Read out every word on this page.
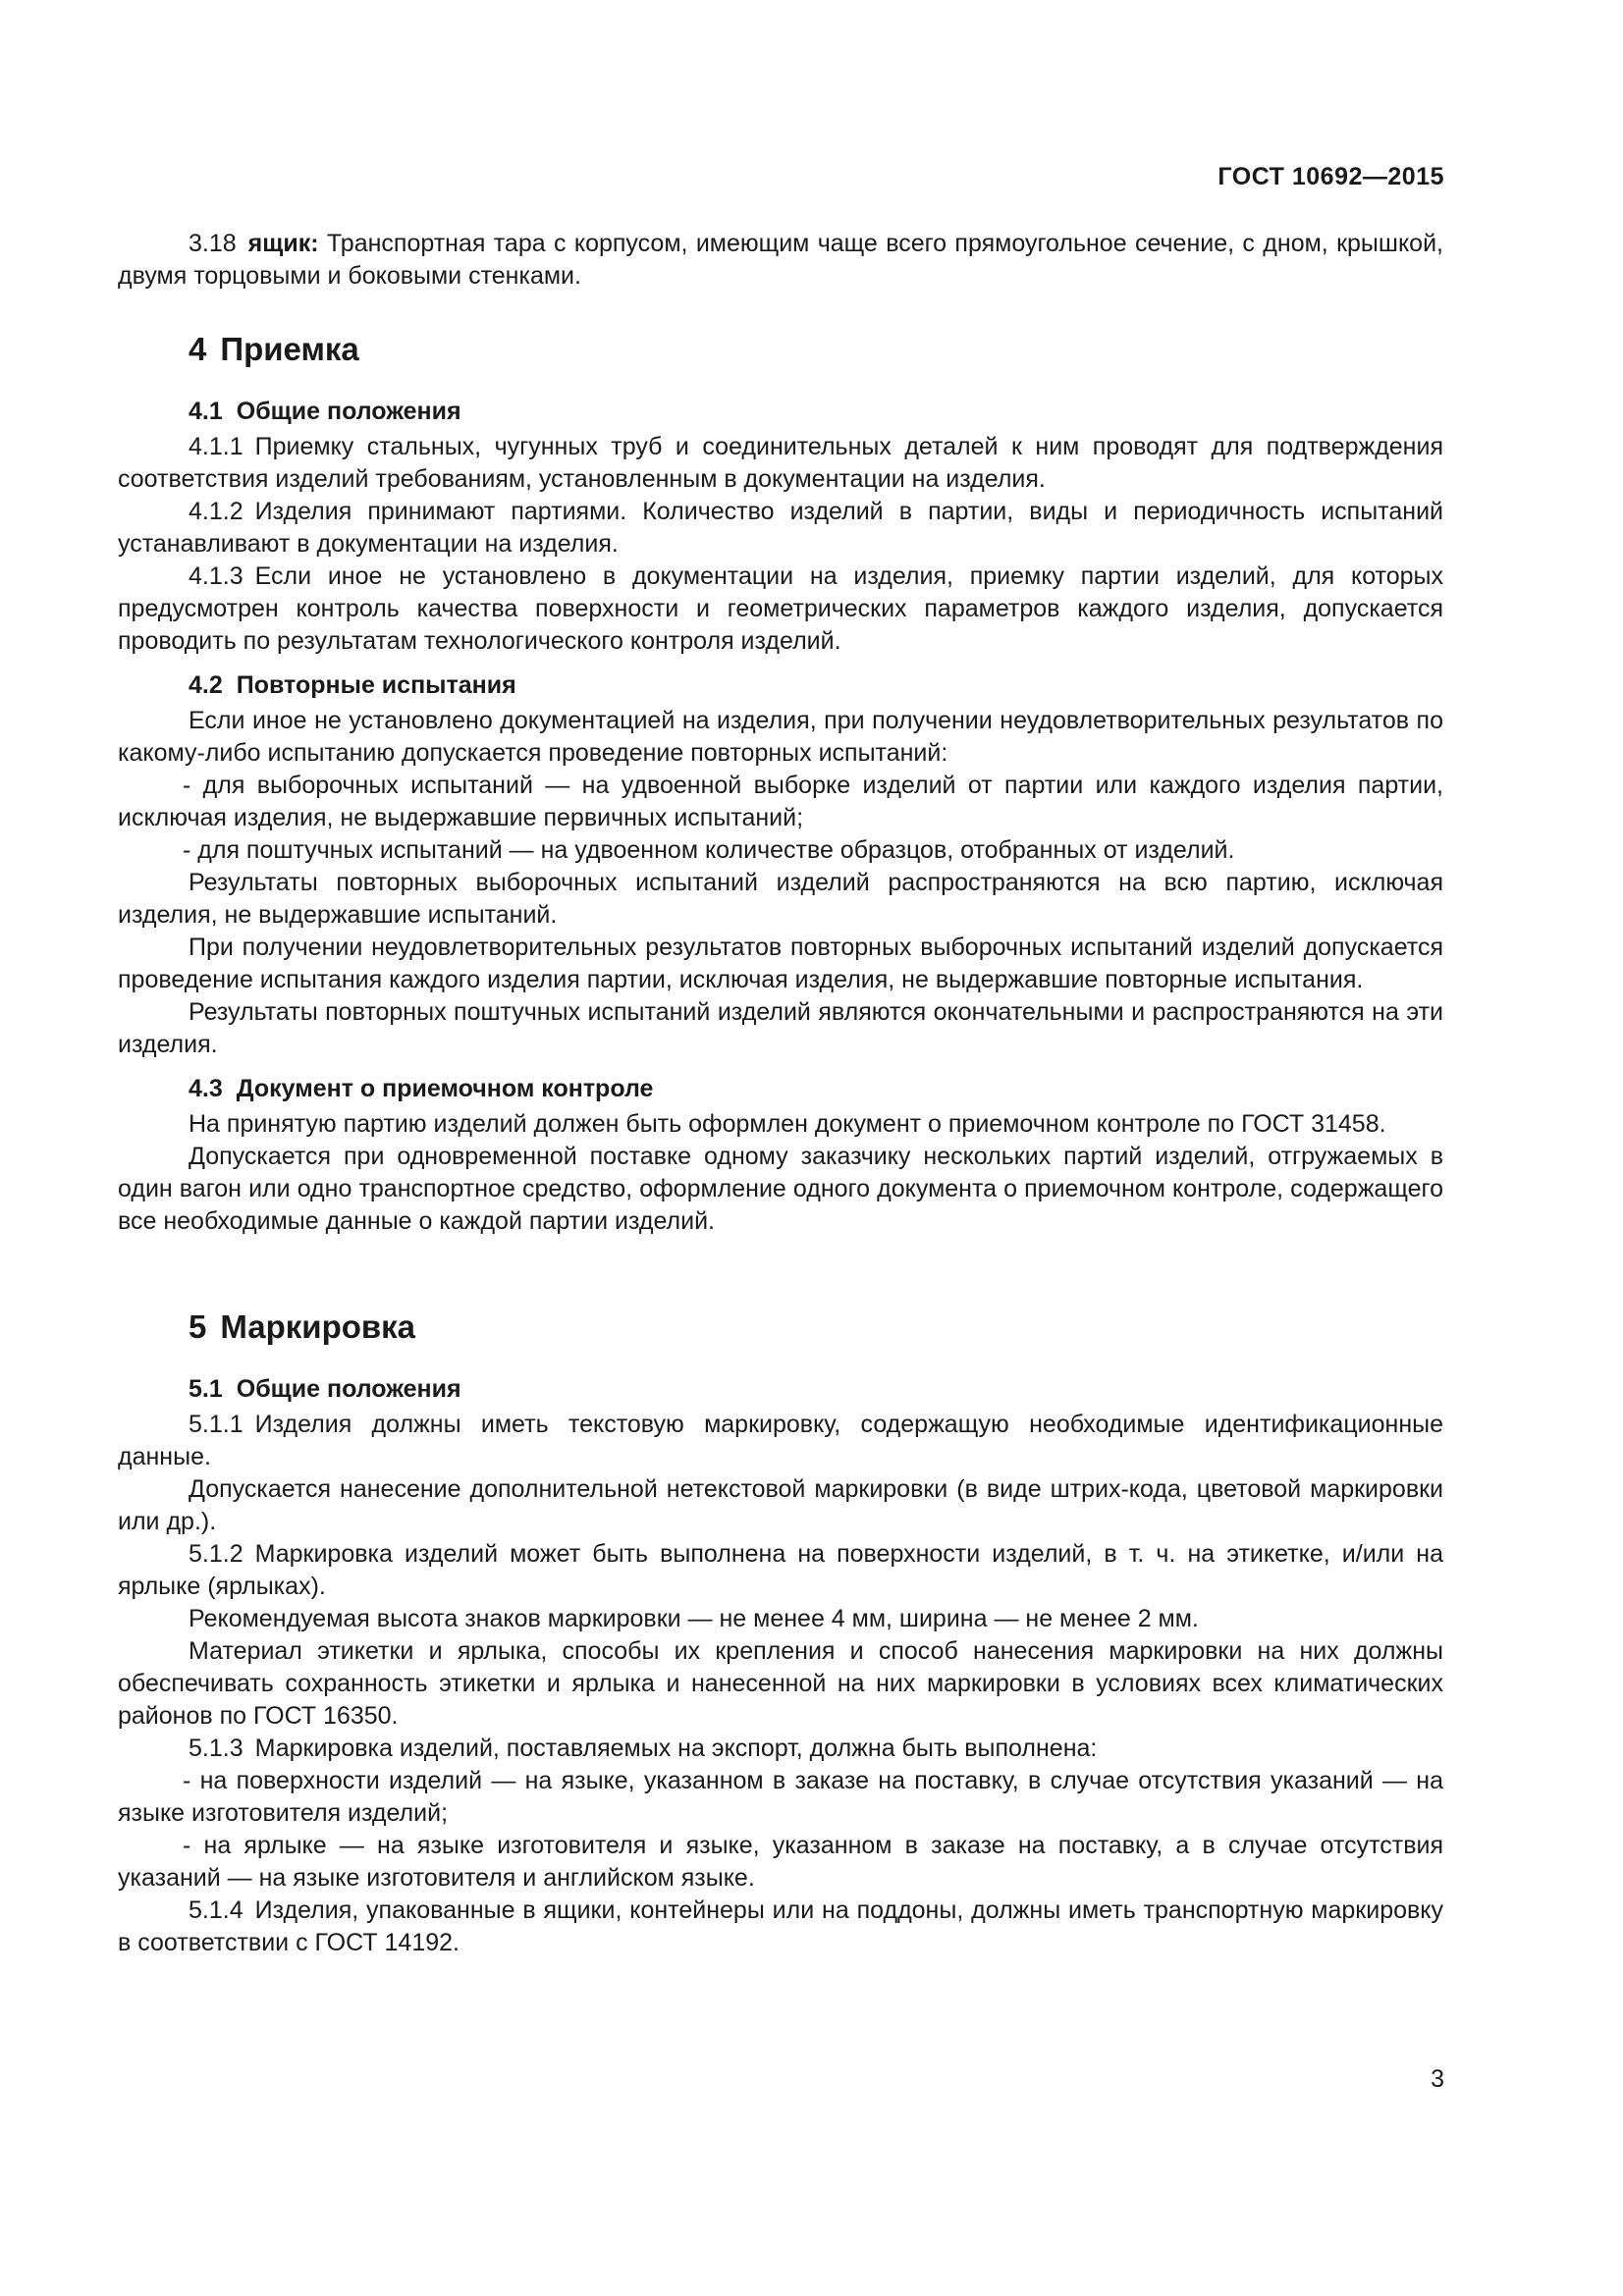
ГОСТ 10692—2015

3.18 ящик: Транспортная тара с корпусом, имеющим чаще всего прямоугольное сечение, с дном, крышкой, двумя торцовыми и боковыми стенками.

4 Приемка
4.1 Общие положения

4.1.1 Приемку стальных, чугунных труб и соединительных деталей к ним проводят для подтверждения соответствия изделий требованиям, установленным в документации на изделия.

4.1.2 Изделия принимают партиями. Количество изделий в партии, виды и периодичность испытаний устанавливают в документации на изделия.

4.1.3 Если иное не установлено в документации на изделия, приемку партии изделий, для которых предусмотрен контроль качества поверхности и геометрических параметров каждого изделия, допускается проводить по результатам технологического контроля изделий.

4.2 Повторные испытания

Если иное не установлено документацией на изделия, при получении неудовлетворительных результатов по какому-либо испытанию допускается проведение повторных испытаний:

- для выборочных испытаний — на удвоенной выборке изделий от партии или каждого изделия партии, исключая изделия, не выдержавшие первичных испытаний;

- для поштучных испытаний — на удвоенном количестве образцов, отобранных от изделий.

Результаты повторных выборочных испытаний изделий распространяются на всю партию, исключая изделия, не выдержавшие испытаний.

При получении неудовлетворительных результатов повторных выборочных испытаний изделий допускается проведение испытания каждого изделия партии, исключая изделия, не выдержавшие повторные испытания.

Результаты повторных поштучных испытаний изделий являются окончательными и распространяются на эти изделия.

4.3 Документ о приемочном контроле

На принятую партию изделий должен быть оформлен документ о приемочном контроле по ГОСТ 31458.

Допускается при одновременной поставке одному заказчику нескольких партий изделий, отгружаемых в один вагон или одно транспортное средство, оформление одного документа о приемочном контроле, содержащего все необходимые данные о каждой партии изделий.

5 Маркировка
5.1 Общие положения

5.1.1 Изделия должны иметь текстовую маркировку, содержащую необходимые идентификационные данные.

Допускается нанесение дополнительной нетекстовой маркировки (в виде штрих-кода, цветовой маркировки или др.).

5.1.2 Маркировка изделий может быть выполнена на поверхности изделий, в т. ч. на этикетке, и/или на ярлыке (ярлыках).

Рекомендуемая высота знаков маркировки — не менее 4 мм, ширина — не менее 2 мм.

Материал этикетки и ярлыка, способы их крепления и способ нанесения маркировки на них должны обеспечивать сохранность этикетки и ярлыка и нанесенной на них маркировки в условиях всех климатических районов по ГОСТ 16350.

5.1.3 Маркировка изделий, поставляемых на экспорт, должна быть выполнена:

- на поверхности изделий — на языке, указанном в заказе на поставку, в случае отсутствия указаний — на языке изготовителя изделий;

- на ярлыке — на языке изготовителя и языке, указанном в заказе на поставку, а в случае отсутствия указаний — на языке изготовителя и английском языке.

5.1.4 Изделия, упакованные в ящики, контейнеры или на поддоны, должны иметь транспортную маркировку в соответствии с ГОСТ 14192.

3
